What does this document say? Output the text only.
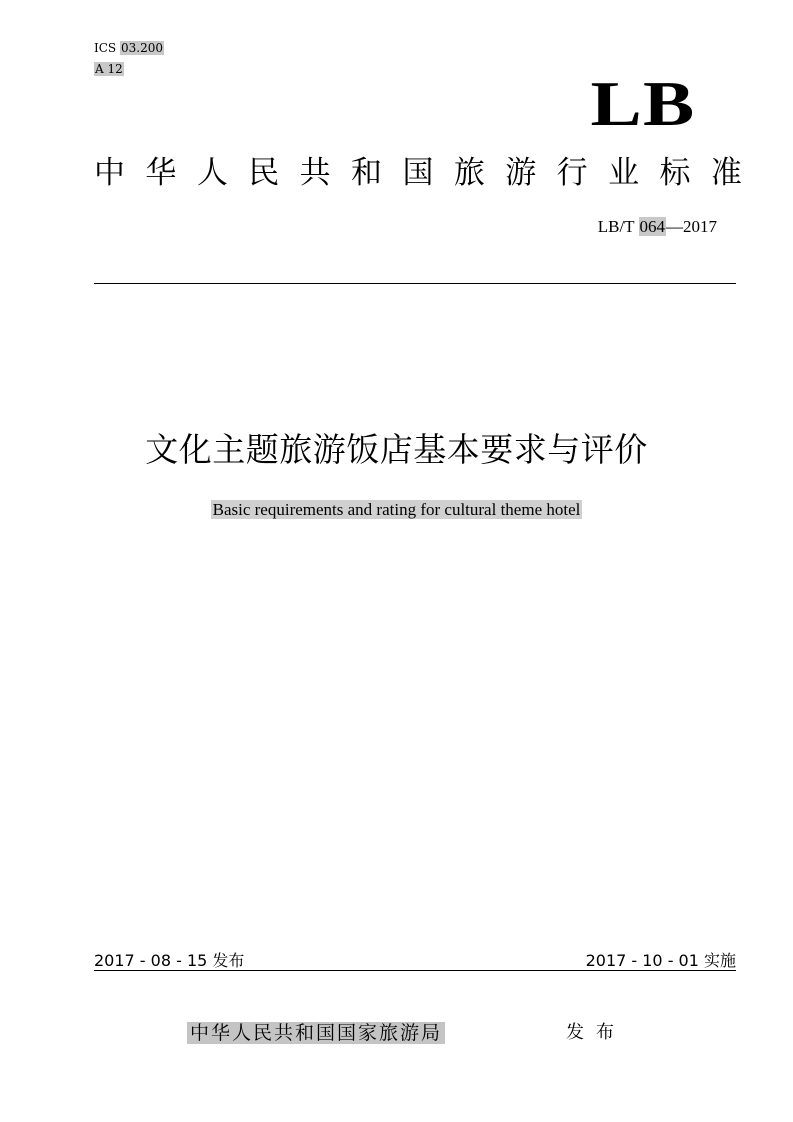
ICS 03.200
A 12	LB
中 华 人 民 共 和 国 旅 游 行 业 标 准
LB/T 064—2017
文化主题旅游饭店基本要求与评价
Basic requirements and rating for cultural theme hotel
2017 - 08 - 15 发布	2017 - 10 - 01 实施
中华人民共和国国家旅游局	发布
